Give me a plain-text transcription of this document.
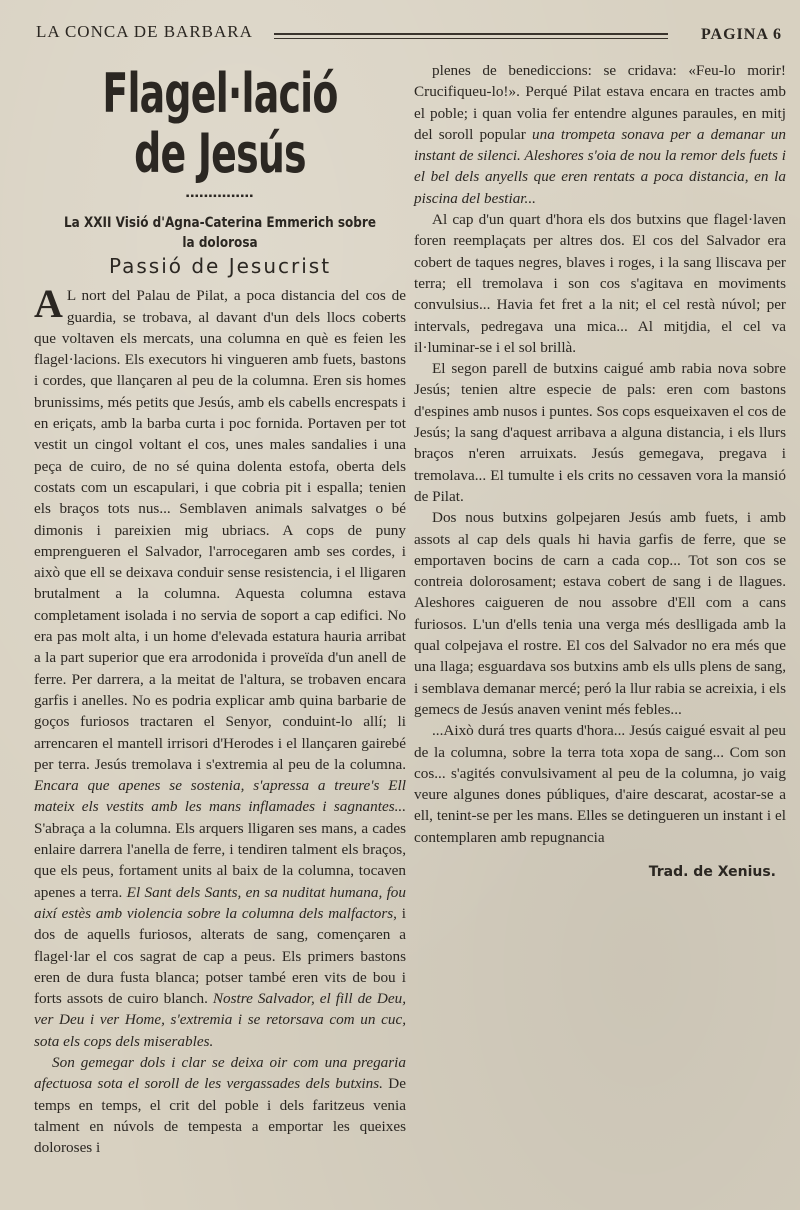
LA CONCA DE BARBARA	PAGINA 6
Flagel·lació de Jesús
▪▪▪▪▪▪▪▪▪▪▪▪▪▪▪
La XXII Visió d'Agna-Caterina Emmerich sobre la dolorosa
Passió de Jesucrist

A L nort del Palau de Pilat, a poca distancia del cos de guardia, se trobava, al davant d'un dels llocs coberts que voltaven els mercats, una columna en què es feien les flagel·lacions. Els executors hi vingueren amb fuets, bastons i cordes, que llançaren al peu de la columna. Eren sis homes brunissims, més petits que Jesús, amb els cabells encrespats i en eriçats, amb la barba curta i poc fornida. Portaven per tot vestit un cingol voltant el cos, unes males sandalies i una peça de cuiro, de no sé quina dolenta estofa, oberta dels costats com un escapulari, i que cobria pit i espalla; tenien els braços tots nus... Semblaven animals salvatges o bé dimonis i pareixien mig ubriacs. A cops de puny emprengueren el Salvador, l'arrocegaren amb ses cordes, i això que ell se deixava conduir sense resistencia, i el lligaren brutalment a la columna. Aquesta columna estava completament isolada i no servia de soport a cap edifici. No era pas molt alta, i un home d'elevada estatura hauria arribat a la part superior que era arrodonida i proveïda d'un anell de ferre. Per darrera, a la meitat de l'altura, se trobaven encara garfis i anelles. No es podria explicar amb quina barbarie de goços furiosos tractaren el Senyor, conduint-lo allí; li arrencaren el mantell irrisori d'Herodes i el llançaren gairebé per terra. Jesús tremolava i s'extremia al peu de la columna. Encara que apenes se sostenia, s'apressa a treure's Ell mateix els vestits amb les mans inflamades i sagnantes... S'abraça a la columna. Els arquers lligaren ses mans, a cades enlaire darrera l'anella de ferre, i tendiren talment els braços, que els peus, fortament units al baix de la columna, tocaven apenes a terra. El Sant dels Sants, en sa nuditat humana, fou així estès amb violencia sobre la columna dels malfactors, i dos de aquells furiosos, alterats de sang, començaren a flagel·lar el cos sagrat de cap a peus. Els primers bastons eren de dura fusta blanca; potser també eren vits de bou i forts assots de cuiro blanch. Nostre Salvador, el fill de Deu, ver Deu i ver Home, s'extremia i se retorsava com un cuc, sota els cops dels miserables.

Son gemegar dols i clar se deixa oir com una pregaria afectuosa sota el soroll de les vergassades dels butxins. De temps en temps, el crit del poble i dels faritzeus venia talment en núvols de tempesta a emportar les queixes doloroses i

plenes de benediccions: se cridava: «Feu-lo morir! Crucifiqueu-lo!». Perqué Pilat estava encara en tractes amb el poble; i quan volia fer entendre algunes paraules, en mitj del soroll popular una trompeta sonava per a demanar un instant de silenci. Aleshores s'oia de nou la remor dels fuets i el bel dels anyells que eren rentats a poca distancia, en la piscina del bestiar...

Al cap d'un quart d'hora els dos butxins que flagel·laven foren reemplaçats per altres dos. El cos del Salvador era cobert de taques negres, blaves i roges, i la sang lliscava per terra; ell tremolava i son cos s'agitava en moviments convulsius... Havia fet fret a la nit; el cel restà núvol; per intervals, pedregava una mica... Al mitjdia, el cel va il·luminar-se i el sol brillà.

El segon parell de butxins caigué amb rabia nova sobre Jesús; tenien altre especie de pals: eren com bastons d'espines amb nusos i puntes. Sos cops esqueixaven el cos de Jesús; la sang d'aquest arribava a alguna distancia, i els llurs braços n'eren arruixats. Jesús gemegava, pregava i tremolava... El tumulte i els crits no cessaven vora la mansió de Pilat.

Dos nous butxins golpejaren Jesús amb fuets, i amb assots al cap dels quals hi havia garfis de ferre, que se emportaven bocins de carn a cada cop... Tot son cos se contreia dolorosament; estava cobert de sang i de llagues. Aleshores caigueren de nou assobre d'Ell com a cans furiosos. L'un d'ells tenia una verga més deslligada amb la qual colpejava el rostre. El cos del Salvador no era més que una llaga; esguardava sos butxins amb els ulls plens de sang, i semblava demanar mercé; peró la llur rabia se acreixia, i els gemecs de Jesús anaven venint més febles...

...Això durá tres quarts d'hora... Jesús caigué esvait al peu de la columna, sobre la terra tota xopa de sang... Com son cos... s'agités convulsivament al peu de la columna, jo vaig veure algunes dones públiques, d'aire descarat, acostar-se a ell, tenint-se per les mans. Elles se detingueren un instant i el contemplaren amb repugnancia

Trad. de Xenius.
